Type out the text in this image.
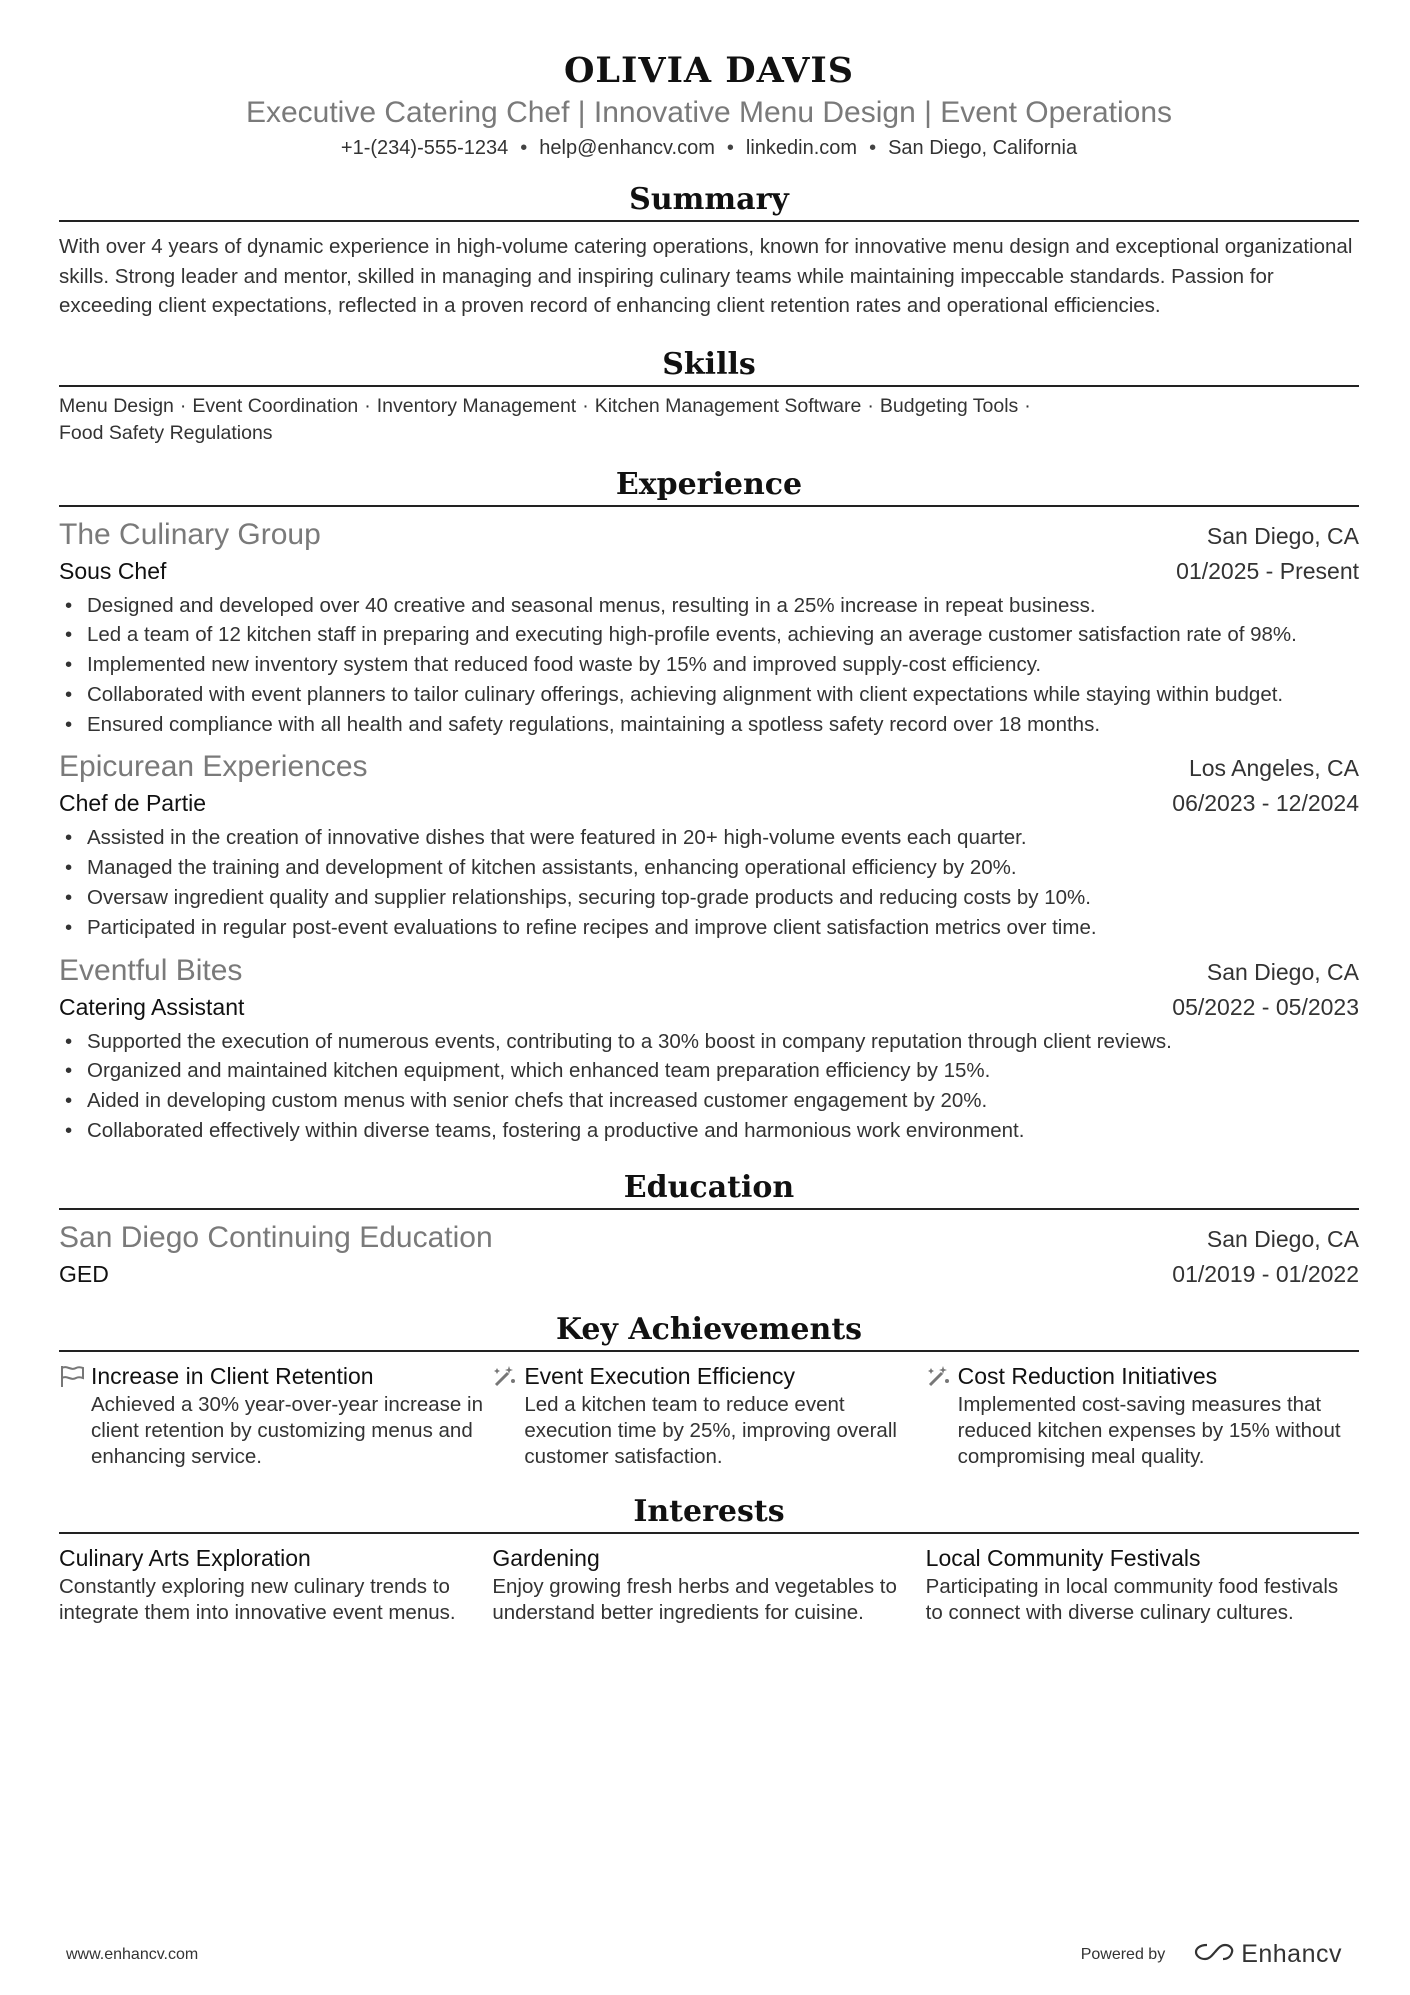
OLIVIA DAVIS
Executive Catering Chef | Innovative Menu Design | Event Operations
+1-(234)-555-1234 • help@enhancv.com • linkedin.com • San Diego, California
Summary
With over 4 years of dynamic experience in high-volume catering operations, known for innovative menu design and exceptional organizational skills. Strong leader and mentor, skilled in managing and inspiring culinary teams while maintaining impeccable standards. Passion for exceeding client expectations, reflected in a proven record of enhancing client retention rates and operational efficiencies.
Skills
Menu Design · Event Coordination · Inventory Management · Kitchen Management Software · Budgeting Tools ·
Food Safety Regulations
Experience
The Culinary Group	San Diego, CA
Sous Chef	01/2025 - Present
• Designed and developed over 40 creative and seasonal menus, resulting in a 25% increase in repeat business.
• Led a team of 12 kitchen staff in preparing and executing high-profile events, achieving an average customer satisfaction rate of 98%.
• Implemented new inventory system that reduced food waste by 15% and improved supply-cost efficiency.
• Collaborated with event planners to tailor culinary offerings, achieving alignment with client expectations while staying within budget.
• Ensured compliance with all health and safety regulations, maintaining a spotless safety record over 18 months.
Epicurean Experiences	Los Angeles, CA
Chef de Partie	06/2023 - 12/2024
• Assisted in the creation of innovative dishes that were featured in 20+ high-volume events each quarter.
• Managed the training and development of kitchen assistants, enhancing operational efficiency by 20%.
• Oversaw ingredient quality and supplier relationships, securing top-grade products and reducing costs by 10%.
• Participated in regular post-event evaluations to refine recipes and improve client satisfaction metrics over time.
Eventful Bites	San Diego, CA
Catering Assistant	05/2022 - 05/2023
• Supported the execution of numerous events, contributing to a 30% boost in company reputation through client reviews.
• Organized and maintained kitchen equipment, which enhanced team preparation efficiency by 15%.
• Aided in developing custom menus with senior chefs that increased customer engagement by 20%.
• Collaborated effectively within diverse teams, fostering a productive and harmonious work environment.
Education
San Diego Continuing Education	San Diego, CA
GED	01/2019 - 01/2022
Key Achievements
Increase in Client Retention
Achieved a 30% year-over-year increase in client retention by customizing menus and enhancing service.
Event Execution Efficiency
Led a kitchen team to reduce event execution time by 25%, improving overall customer satisfaction.
Cost Reduction Initiatives
Implemented cost-saving measures that reduced kitchen expenses by 15% without compromising meal quality.
Interests
Culinary Arts Exploration
Constantly exploring new culinary trends to integrate them into innovative event menus.
Gardening
Enjoy growing fresh herbs and vegetables to understand better ingredients for cuisine.
Local Community Festivals
Participating in local community food festivals to connect with diverse culinary cultures.
www.enhancv.com	Powered by	Enhancv
